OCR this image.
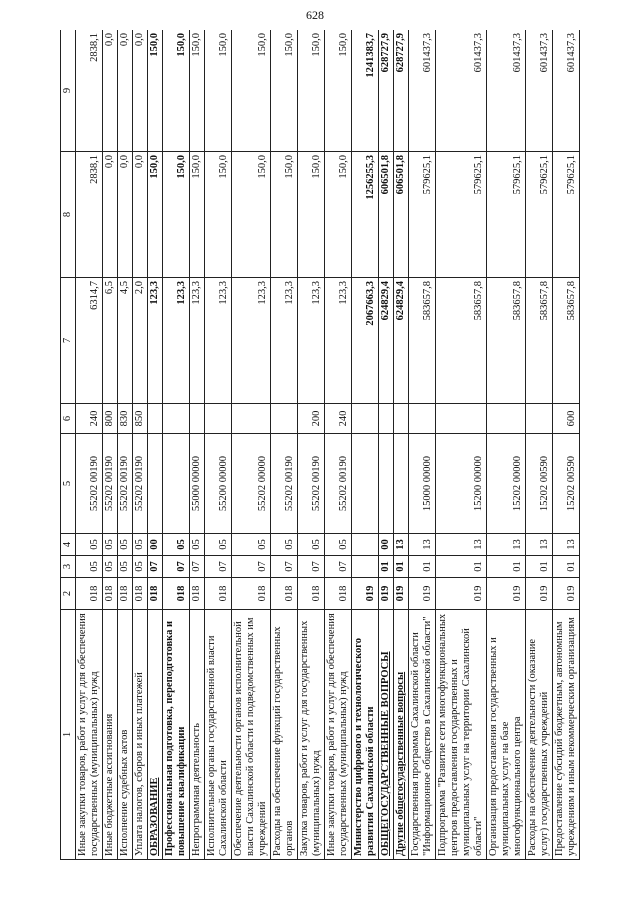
628
1	2	3	4	5	6	7	8	9
Иные закупки товаров, работ и услуг для обеспечения государственных (муниципальных) нужд	018	05	05	55202 00190	240	6314,7	2838,1	2838,1
Иные бюджетные ассигнования	018	05	05	55202 00190	800	6,5	0,0	0,0
Исполнение судебных актов	018	05	05	55202 00190	830	4,5	0,0	0,0
Уплата налогов, сборов и иных платежей	018	05	05	55202 00190	850	2,0	0,0	0,0
ОБРАЗОВАНИЕ	018	07	00			123,3	150,0	150,0
Профессиональная подготовка, переподготовка и повышение квалификации	018	07	05			123,3	150,0	150,0
Непрограммная деятельность	018	07	05	55000 00000		123,3	150,0	150,0
Исполнительные органы государственной власти Сахалинской области	018	07	05	55200 00000		123,3	150,0	150,0
Обеспечение деятельности органов исполнительной власти Сахалинской области и подведомственных им учреждений	018	07	05	55202 00000		123,3	150,0	150,0
Расходы на обеспечение функций государственных органов	018	07	05	55202 00190		123,3	150,0	150,0
Закупка товаров, работ и услуг для государственных (муниципальных) нужд	018	07	05	55202 00190	200	123,3	150,0	150,0
Иные закупки товаров, работ и услуг для обеспечения государственных (муниципальных) нужд	018	07	05	55202 00190	240	123,3	150,0	150,0
Министерство цифрового и технологического развития Сахалинской области	019					2067663,3	1256255,3	1241383,7
ОБЩЕГОСУДАРСТВЕННЫЕ ВОПРОСЫ	019	01	00			624829,4	606501,8	628727,9
Другие общегосударственные вопросы	019	01	13			624829,4	606501,8	628727,9
Государственная программа Сахалинской области "Информационное общество в Сахалинской области"	019	01	13	15000 00000		583657,8	579625,1	601437,3
Подпрограмма "Развитие сети многофункциональных центров предоставления государственных и муниципальных услуг на территории Сахалинской области"	019	01	13	15200 00000		583657,8	579625,1	601437,3
Организация предоставления государственных и муниципальных услуг на базе многофункционального центра	019	01	13	15202 00000		583657,8	579625,1	601437,3
Расходы на обеспечение деятельности (оказание услуг) государственных учреждений	019	01	13	15202 00590		583657,8	579625,1	601437,3
Предоставление субсидий бюджетным, автономным учреждениям и иным некоммерческим организациям	019	01	13	15202 00590	600	583657,8	579625,1	601437,3
